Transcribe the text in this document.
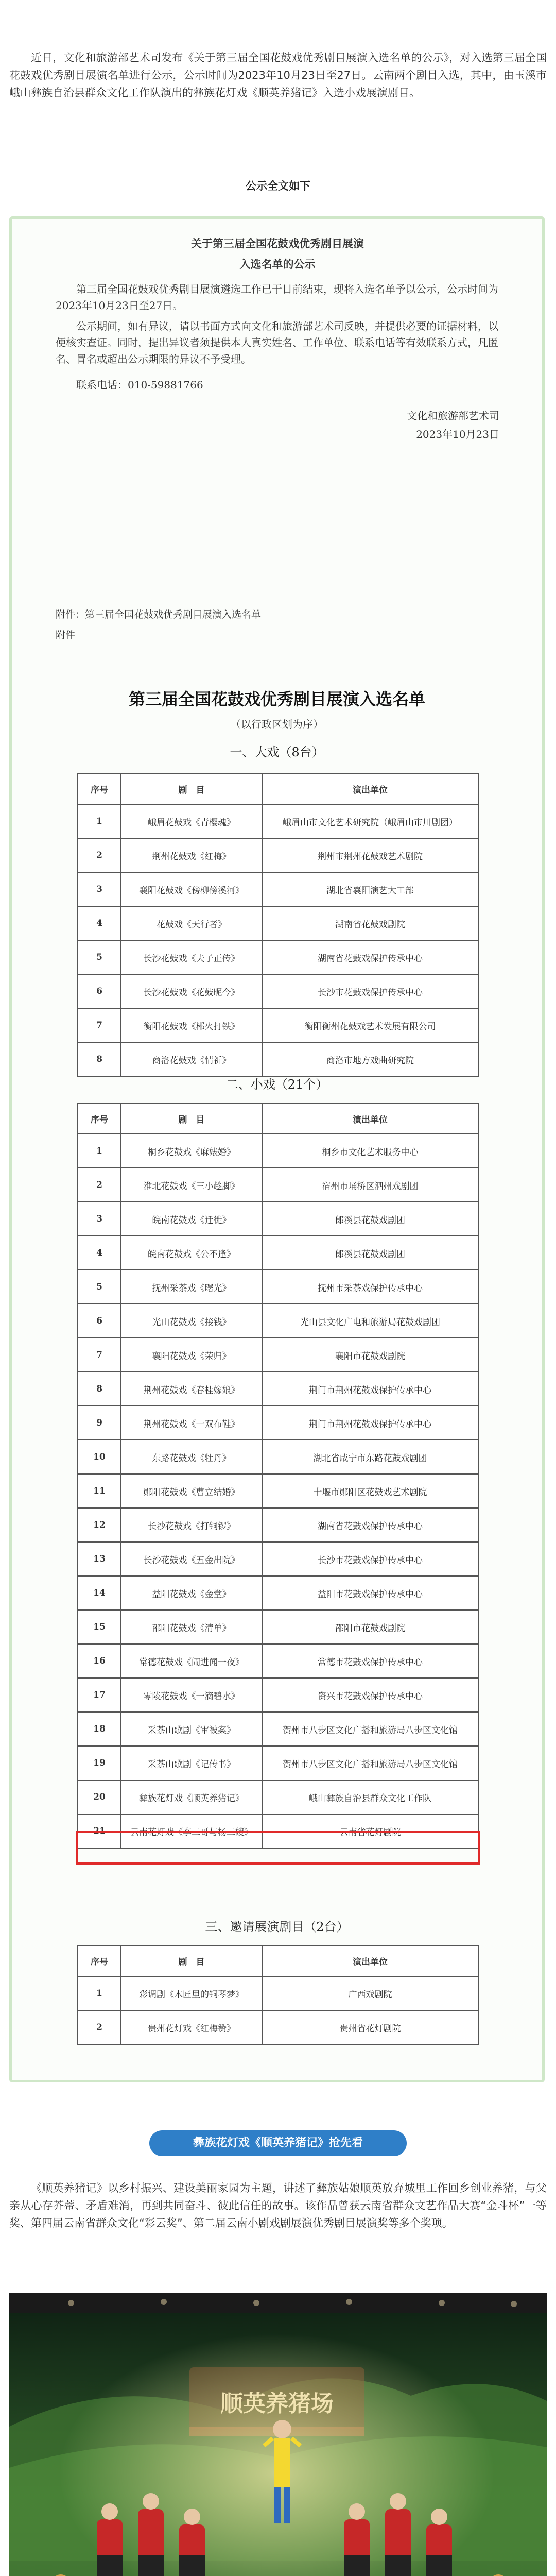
近日，文化和旅游部艺术司发布《关于第三届全国花鼓戏优秀剧目展演入选名单的公示》，对入选第三届全国花鼓戏优秀剧目展演名单进行公示，公示时间为2023年10月23日至27日。云南两个剧目入选，其中，由玉溪市峨山彝族自治县群众文化工作队演出的彝族花灯戏《顺英养猪记》入选小戏展演剧目。

公示全文如下

关于第三届全国花鼓戏优秀剧目展演
入选名单的公示

第三届全国花鼓戏优秀剧目展演遴选工作已于日前结束，现将入选名单予以公示，公示时间为2023年10月23日至27日。

公示期间，如有异议，请以书面方式向文化和旅游部艺术司反映，并提供必要的证据材料，以便核实查证。同时，提出异议者须提供本人真实姓名、工作单位、联系电话等有效联系方式，凡匿名、冒名或超出公示期限的异议不予受理。

联系电话：010-59881766

文化和旅游部艺术司

2023年10月23日

附件：第三届全国花鼓戏优秀剧目展演入选名单

附件

第三届全国花鼓戏优秀剧目展演入选名单

（以行政区划为序）

一、大戏（8台）

序号	剧　目	演出单位
1	峨眉花鼓戏《青樱魂》	峨眉山市文化艺术研究院（峨眉山市川剧团）
2	荆州花鼓戏《红梅》	荆州市荆州花鼓戏艺术剧院
3	襄阳花鼓戏《傍柳傍溪河》	湖北省襄阳演艺大工部
4	花鼓戏《天行者》	湖南省花鼓戏剧院
5	长沙花鼓戏《夫子正传》	湖南省花鼓戏保护传承中心
6	长沙花鼓戏《花鼓昵今》	长沙市花鼓戏保护传承中心
7	衡阳花鼓戏《郴火打铁》	衡阳衡州花鼓戏艺术发展有限公司
8	商洛花鼓戏《情祈》	商洛市地方戏曲研究院

二、小戏（21个）

序号	剧　目	演出单位
1	桐乡花鼓戏《麻婊婚》	桐乡市文化艺术服务中心
2	淮北花鼓戏《三小趁脚》	宿州市埇桥区泗州戏剧团
3	皖南花鼓戏《迁徙》	郎溪县花鼓戏剧团
4	皖南花鼓戏《公不逢》	郎溪县花鼓戏剧团
5	抚州采茶戏《曙光》	抚州市采茶戏保护传承中心
6	光山花鼓戏《接钱》	光山县文化广电和旅游局花鼓戏剧团
7	襄阳花鼓戏《荣归》	襄阳市花鼓戏剧院
8	荆州花鼓戏《春桂嫁娘》	荆门市荆州花鼓戏保护传承中心
9	荆州花鼓戏《一双布鞋》	荆门市荆州花鼓戏保护传承中心
10	东路花鼓戏《牡丹》	湖北省咸宁市东路花鼓戏剧团
11	郧阳花鼓戏《曹立结婚》	十堰市郧阳区花鼓戏艺术剧院
12	长沙花鼓戏《打铜锣》	湖南省花鼓戏保护传承中心
13	长沙花鼓戏《五金出院》	长沙市花鼓戏保护传承中心
14	益阳花鼓戏《金堂》	益阳市花鼓戏保护传承中心
15	邵阳花鼓戏《清单》	邵阳市花鼓戏剧院
16	常德花鼓戏《闹进闻一夜》	常德市花鼓戏保护传承中心
17	零陵花鼓戏《一滴碧水》	资兴市花鼓戏保护传承中心
18	采茶山歌剧《审被案》	贺州市八步区文化广播和旅游局八步区文化馆
19	采茶山歌剧《记传书》	贺州市八步区文化广播和旅游局八步区文化馆
20	彝族花灯戏《顺英养猪记》	峨山彝族自治县群众文化工作队
21	云南花灯戏《李二哥与杨二嫂》	云南省花灯剧院

三、邀请展演剧目（2台）

序号	剧　目	演出单位
1	彩调剧《木匠里的铜琴梦》	广西戏剧院
2	贵州花灯戏《红梅赞》	贵州省花灯剧院

彝族花灯戏《顺英养猪记》抢先看

《顺英养猪记》以乡村振兴、建设美丽家园为主题，讲述了彝族姑娘顺英放弃城里工作回乡创业养猪，与父亲从心存芥蒂、矛盾难消，再到共同奋斗、彼此信任的故事。该作品曾获云南省群众文艺作品大赛“金斗杯”一等奖、第四届云南省群众文化“彩云奖”、第二届云南小剧戏剧展演优秀剧目展演奖等多个奖项。
